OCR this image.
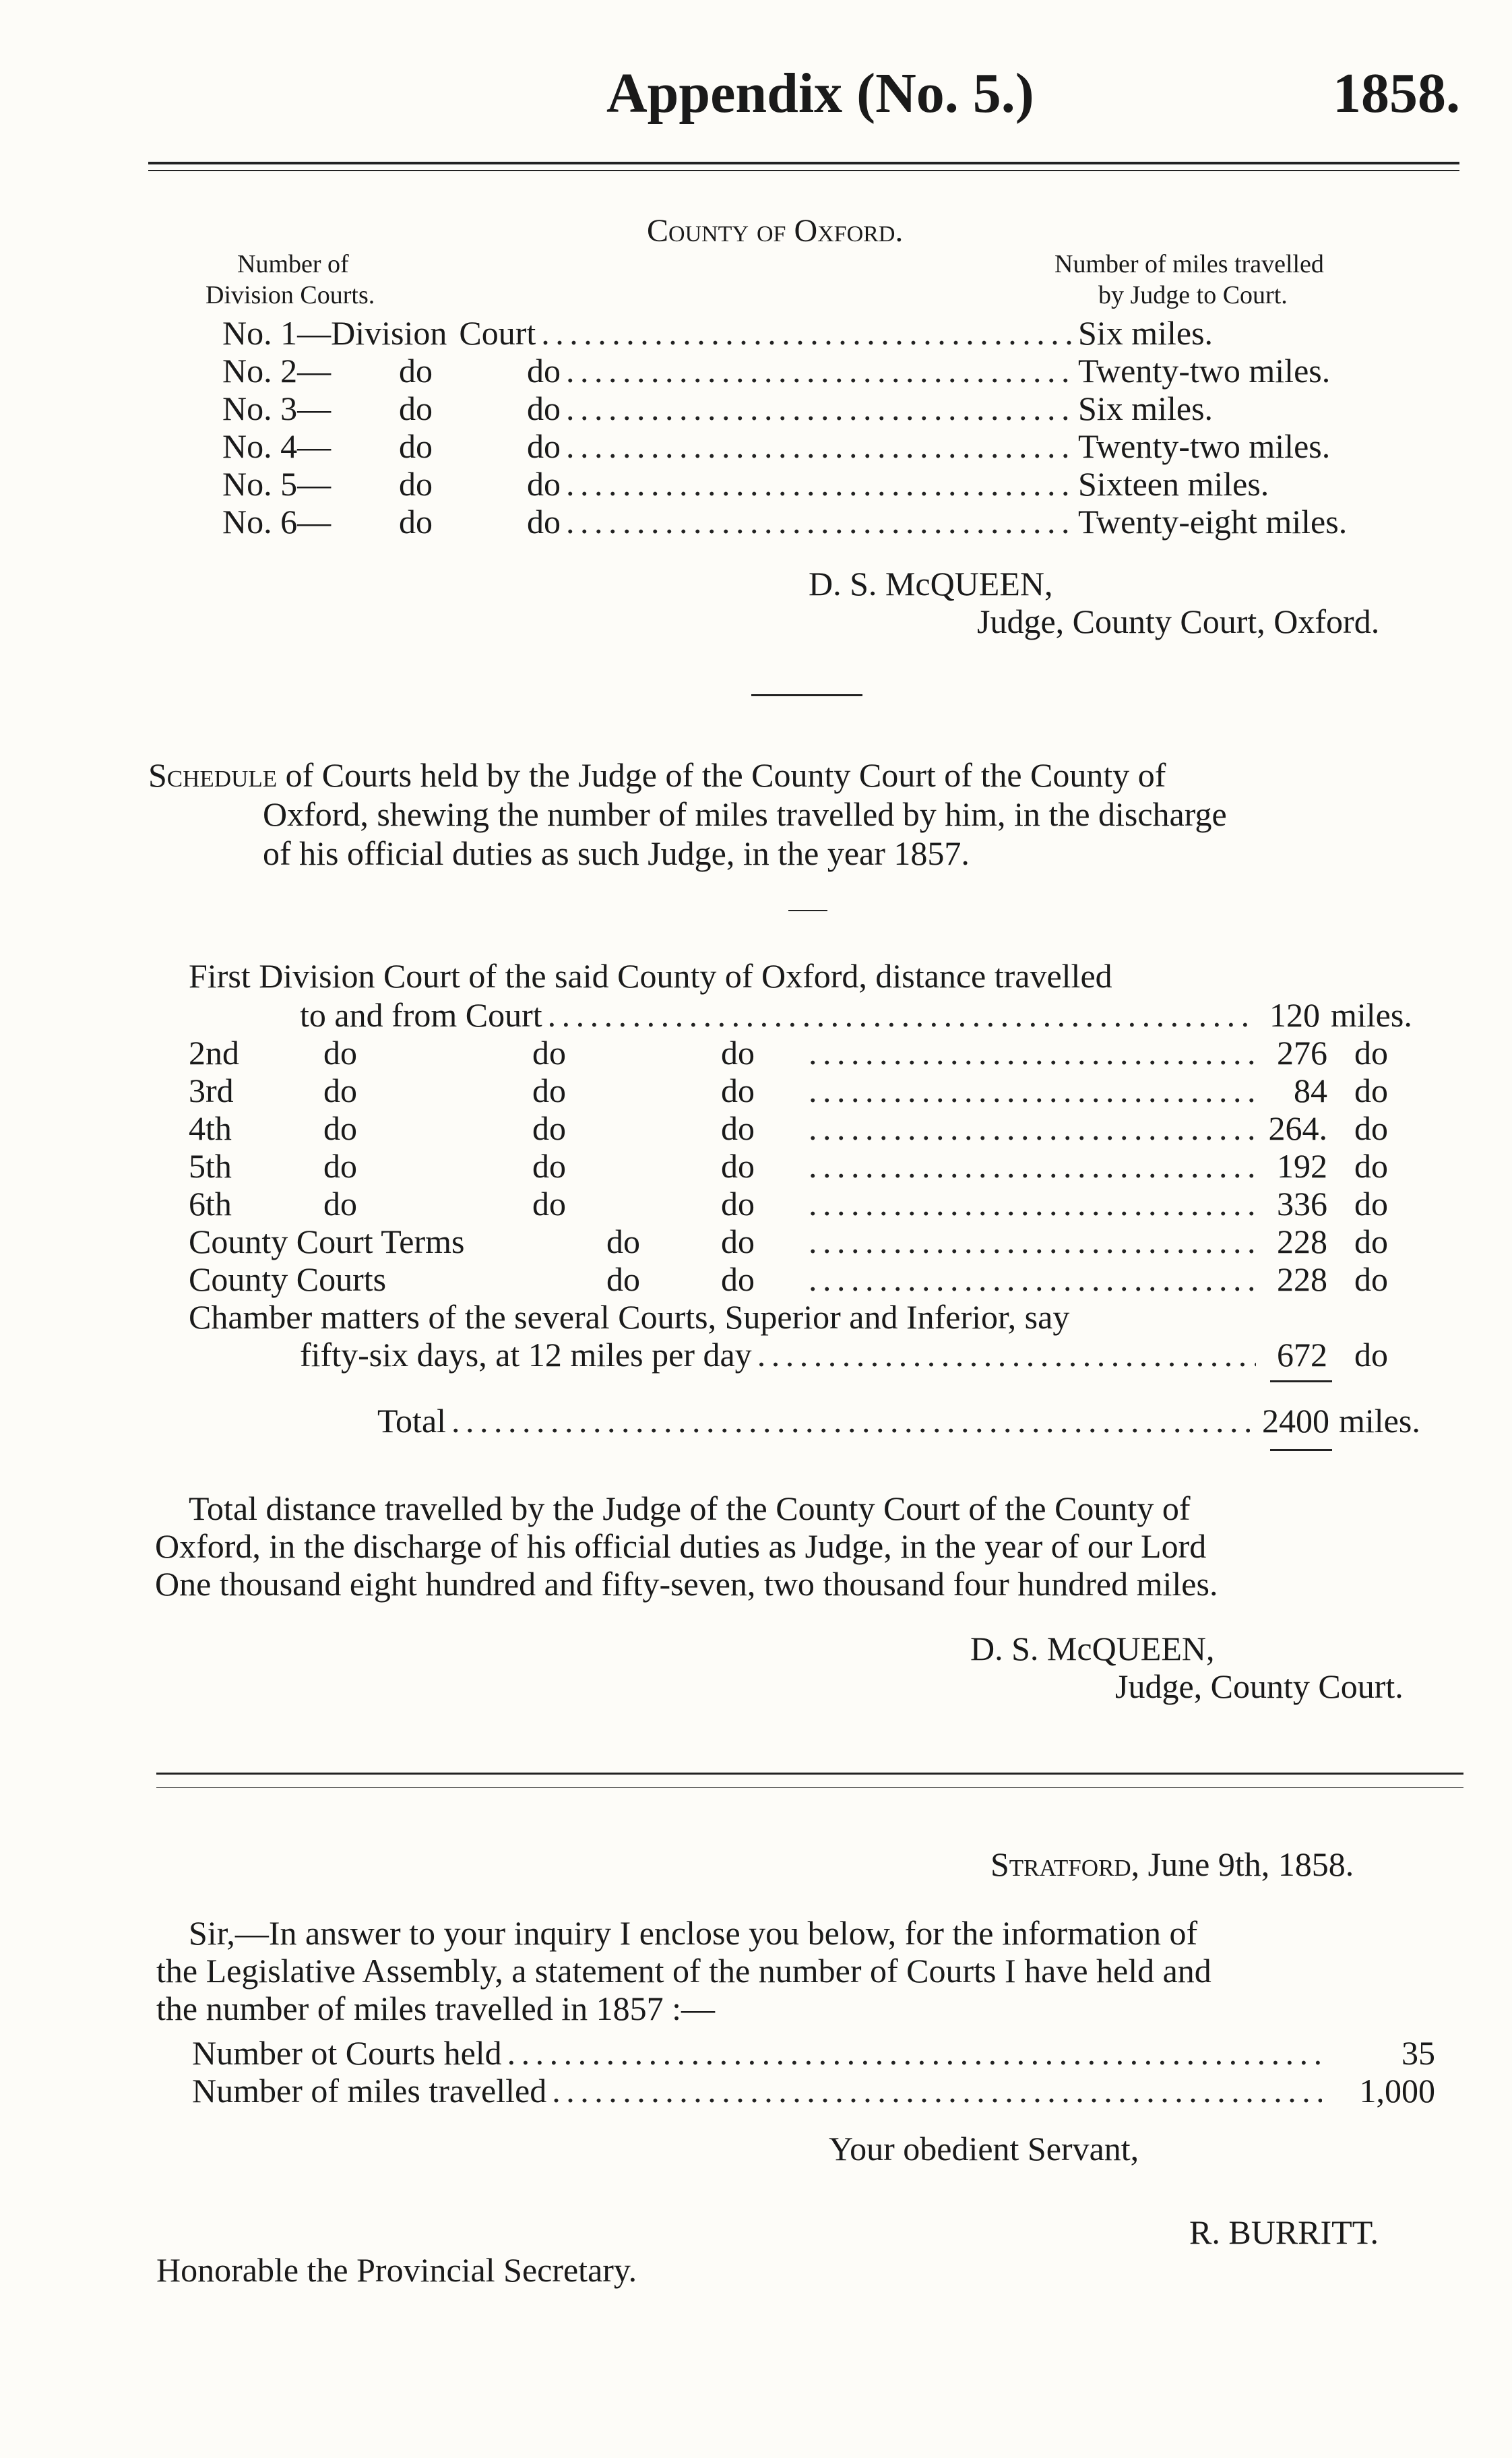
Appendix (No. 5.)	1858.
County of Oxford.
Number of
Division Courts.
Number of miles travelled
by Judge to Court.
No. 1— Division Court . . .	Six miles.
No. 2—	do	do . . .	Twenty-two miles.
No. 3—	do	do . . .	Six miles.
No. 4—	do	do . . .	Twenty-two miles.
No. 5—	do	do . . .	Sixteen miles.
No. 6—	do	do . . .	Twenty-eight miles.
D. S. McQUEEN,
Judge, County Court, Oxford.
Schedule of Courts held by the Judge of the County Court of the County of
Oxford, shewing the number of miles travelled by him, in the discharge
of his official duties as such Judge, in the year 1857.
First Division Court of the said County of Oxford, distance travelled
to and from Court . . .	120 miles.
2nd	do	do	do . . .	276 do
3rd	do	do	do . . .	84 do
4th	do	do	do . . .	264. do
5th	do	do	do . . .	192 do
6th	do	do	do . . .	336 do
County Court Terms	do	do . . .	228 do
County Courts	do	do . . .	228 do
Chamber matters of the several Courts, Superior and Inferior, say
fifty-six days, at 12 miles per day . . .	672 do
Total . . .	2400 miles.
Total distance travelled by the Judge of the County Court of the County of
Oxford, in the discharge of his official duties as Judge, in the year of our Lord
One thousand eight hundred and fifty-seven, two thousand four hundred miles.
D. S. McQUEEN,
Judge, County Court.
Stratford, June 9th, 1858.
Sir,—In answer to your inquiry I enclose you below, for the information of
the Legislative Assembly, a statement of the number of Courts I have held and
the number of miles travelled in 1857 :—
Number ot Courts held . . .	35
Number of miles travelled . . .	1,000
Your obedient Servant,
R. BURRITT.
Honorable the Provincial Secretary.
